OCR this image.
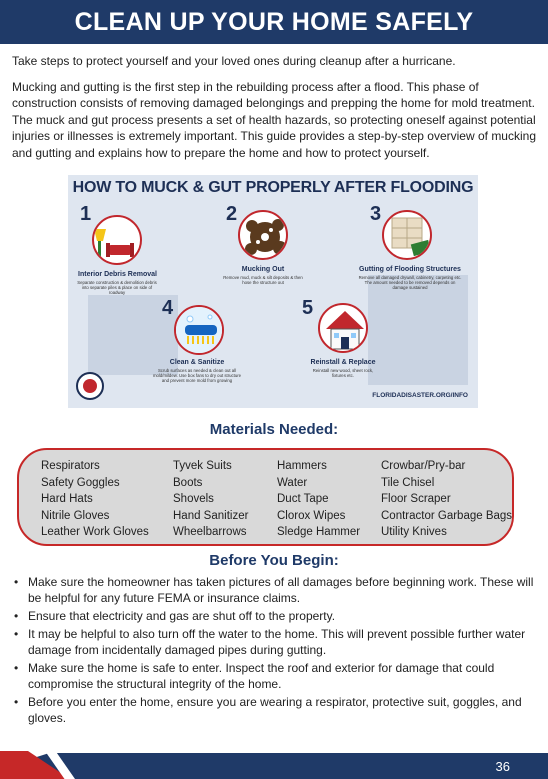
CLEAN UP YOUR HOME SAFELY

Take steps to protect yourself and your loved ones during cleanup after a hurricane.

Mucking and gutting is the first step in the rebuilding process after a flood. This phase of construction consists of removing damaged belongings and prepping the home for mold treatment. The muck and gut process presents a set of health hazards, so protecting oneself against potential injuries or illnesses is extremely important. This guide provides a step-by-step overview of mucking and gutting and explains how to prepare the home and how to protect yourself.

HOW TO MUCK & GUT PROPERLY AFTER FLOODING
1
Interior Debris Removal
Separate construction & demolition debris into separate piles & place on side of roadway
2
Mucking Out
Remove mud, muck & silt deposits & then hose the structure out
3
Gutting of Flooding Structures
Remove all damaged drywall, cabinetry, carpeting etc. The amount needed to be removed depends on damage sustained
4
Clean & Sanitize
Scrub surfaces as needed & clean out all mold/mildew. Use box fans to dry out structure and prevent more mold from growing
5
Reinstall & Replace
Reinstall new wood, sheet rock, fixtures etc.
FLORIDADISASTER.ORG/INFO
Materials Needed:
Respirators
Safety Goggles
Hard Hats
Nitrile Gloves
Leather Work Gloves
Tyvek Suits
Boots
Shovels
Hand Sanitizer
Wheelbarrows
Hammers
Water
Duct Tape
Clorox Wipes
Sledge Hammer
Crowbar/Pry-bar
Tile Chisel
Floor Scraper
Contractor Garbage Bags
Utility Knives
Before You Begin:
• Make sure the homeowner has taken pictures of all damages before beginning work. These will be helpful for any future FEMA or insurance claims.
• Ensure that electricity and gas are shut off to the property.
• It may be helpful to also turn off the water to the home. This will prevent possible further water damage from incidentally damaged pipes during gutting.
• Make sure the home is safe to enter. Inspect the roof and exterior for damage that could compromise the structural integrity of the home.
• Before you enter the home, ensure you are wearing a respirator, protective suit, goggles, and gloves.
36
